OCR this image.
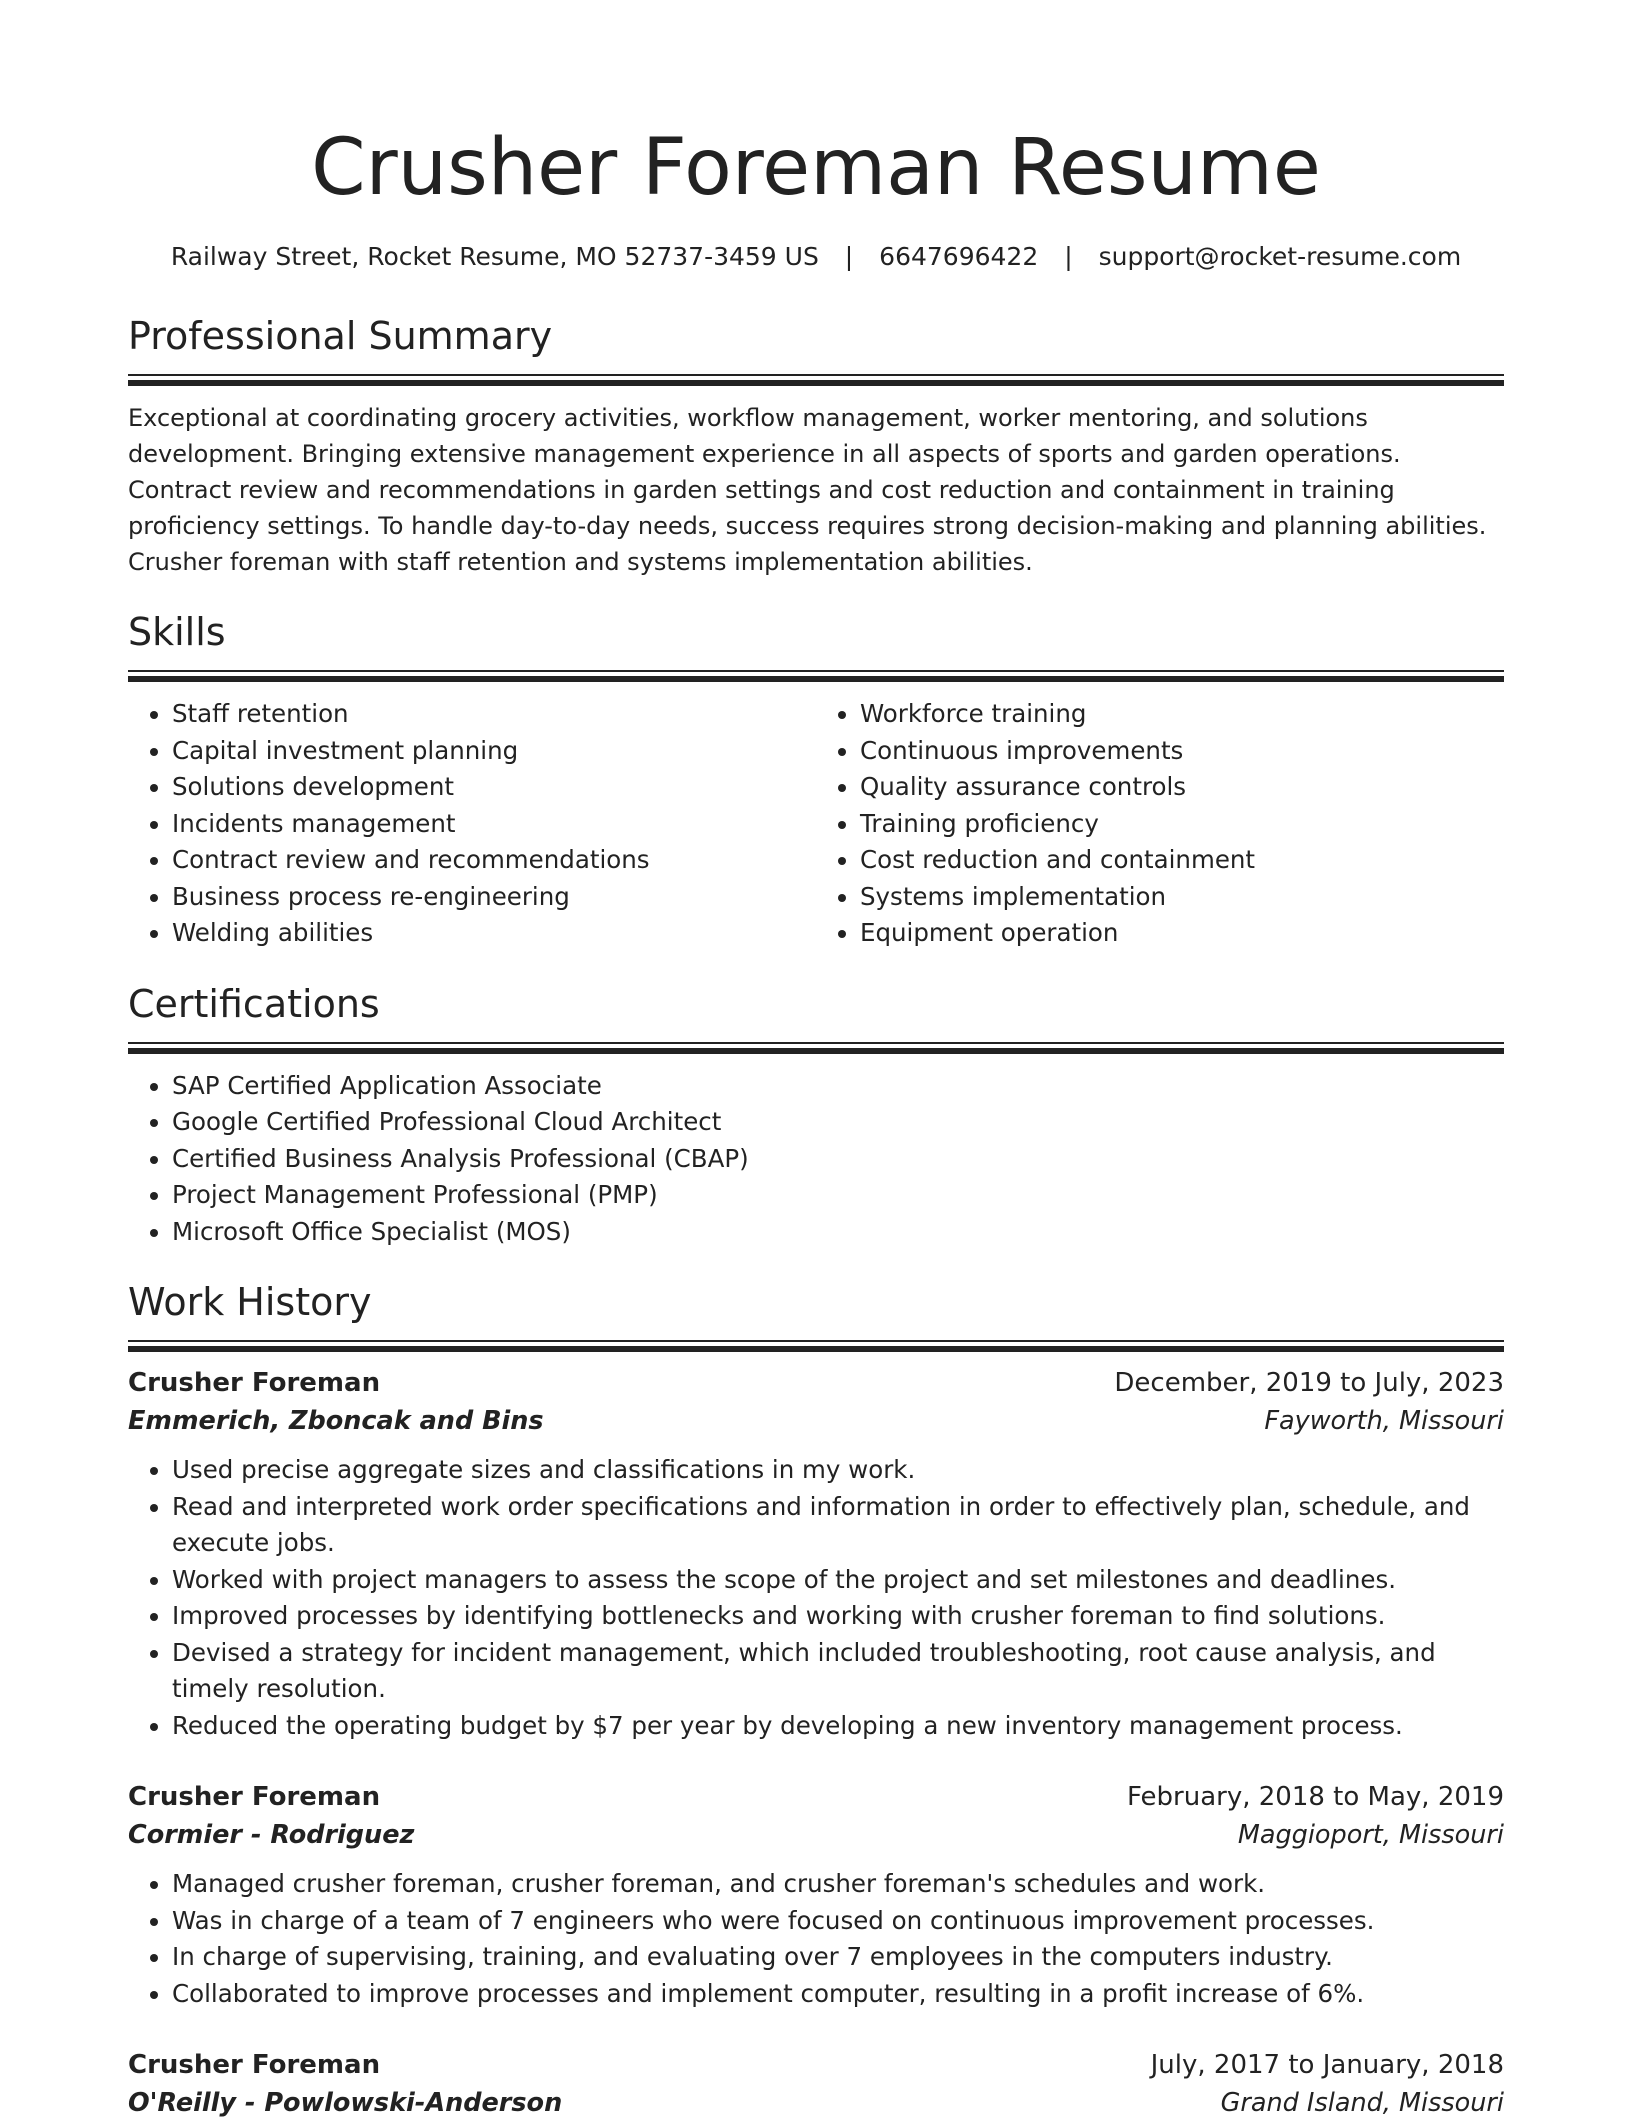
Crusher Foreman Resume
Railway Street, Rocket Resume, MO 52737-3459 US | 6647696422 | support@rocket-resume.com
Professional Summary

Exceptional at coordinating grocery activities, workflow management, worker mentoring, and solutions development. Bringing extensive management experience in all aspects of sports and garden operations. Contract review and recommendations in garden settings and cost reduction and containment in training proficiency settings. To handle day-to-day needs, success requires strong decision-making and planning abilities. Crusher foreman with staff retention and systems implementation abilities.

Skills
• Staff retention
• Capital investment planning
• Solutions development
• Incidents management
• Contract review and recommendations
• Business process re-engineering
• Welding abilities
• Workforce training
• Continuous improvements
• Quality assurance controls
• Training proficiency
• Cost reduction and containment
• Systems implementation
• Equipment operation
Certifications
• SAP Certified Application Associate
• Google Certified Professional Cloud Architect
• Certified Business Analysis Professional (CBAP)
• Project Management Professional (PMP)
• Microsoft Office Specialist (MOS)
Work History
Crusher Foreman	December, 2019 to July, 2023
Emmerich, Zboncak and Bins	Fayworth, Missouri
• Used precise aggregate sizes and classifications in my work.
• Read and interpreted work order specifications and information in order to effectively plan, schedule, and execute jobs.
• Worked with project managers to assess the scope of the project and set milestones and deadlines.
• Improved processes by identifying bottlenecks and working with crusher foreman to find solutions.
• Devised a strategy for incident management, which included troubleshooting, root cause analysis, and timely resolution.
• Reduced the operating budget by $7 per year by developing a new inventory management process.
Crusher Foreman	February, 2018 to May, 2019
Cormier - Rodriguez	Maggioport, Missouri
• Managed crusher foreman, crusher foreman, and crusher foreman's schedules and work.
• Was in charge of a team of 7 engineers who were focused on continuous improvement processes.
• In charge of supervising, training, and evaluating over 7 employees in the computers industry.
• Collaborated to improve processes and implement computer, resulting in a profit increase of 6%.
Crusher Foreman	July, 2017 to January, 2018
O'Reilly - Powlowski-Anderson	Grand Island, Missouri
